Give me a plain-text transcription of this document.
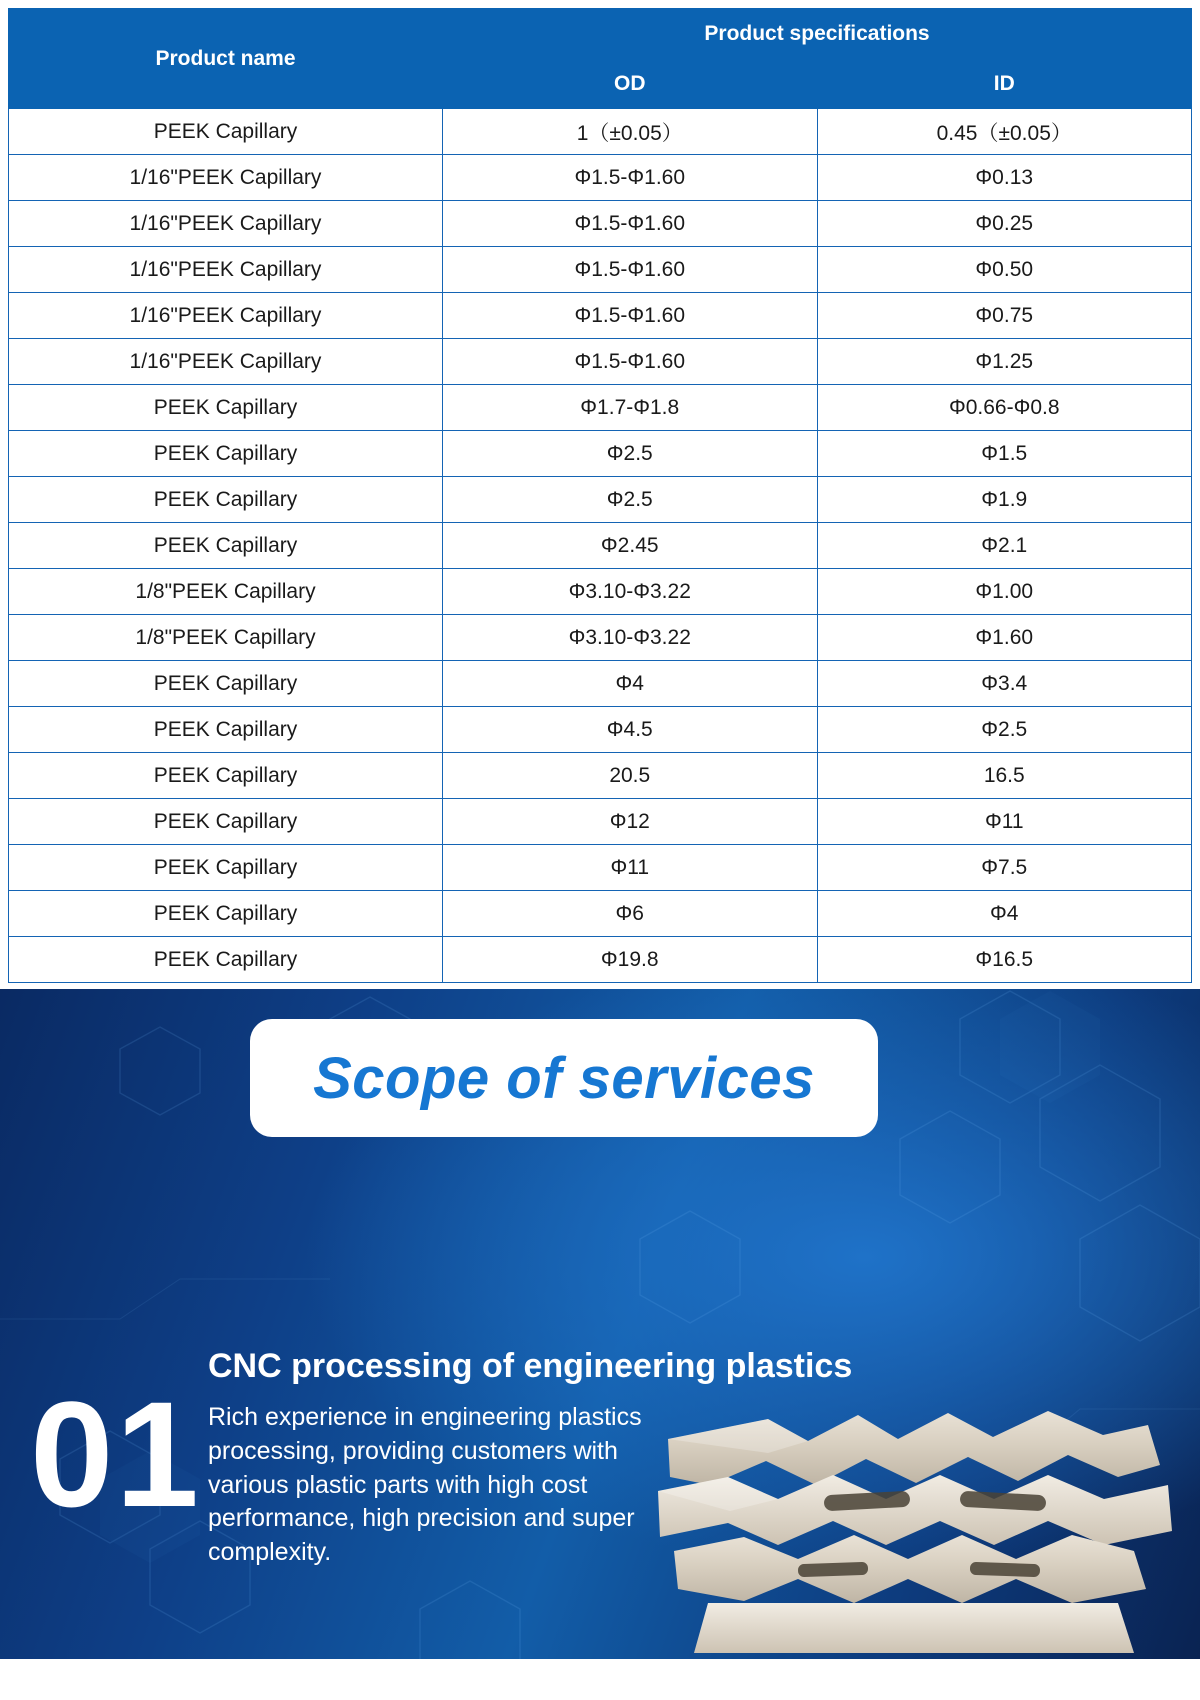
Product name	Product specifications	
	OD	ID
PEEK Capillary	1（±0.05）	0.45（±0.05）
1/16"PEEK Capillary	Φ1.5-Φ1.60	Φ0.13
1/16"PEEK Capillary	Φ1.5-Φ1.60	Φ0.25
1/16"PEEK Capillary	Φ1.5-Φ1.60	Φ0.50
1/16"PEEK Capillary	Φ1.5-Φ1.60	Φ0.75
1/16"PEEK Capillary	Φ1.5-Φ1.60	Φ1.25
PEEK Capillary	Φ1.7-Φ1.8	Φ0.66-Φ0.8
PEEK Capillary	Φ2.5	Φ1.5
PEEK Capillary	Φ2.5	Φ1.9
PEEK Capillary	Φ2.45	Φ2.1
1/8"PEEK Capillary	Φ3.10-Φ3.22	Φ1.00
1/8"PEEK Capillary	Φ3.10-Φ3.22	Φ1.60
PEEK Capillary	Φ4	Φ3.4
PEEK Capillary	Φ4.5	Φ2.5
PEEK Capillary	20.5	16.5
PEEK Capillary	Φ12	Φ11
PEEK Capillary	Φ11	Φ7.5
PEEK Capillary	Φ6	Φ4
PEEK Capillary	Φ19.8	Φ16.5
Scope of services
01
CNC processing of engineering plastics
Rich experience in engineering plastics processing, providing customers with various plastic parts with high cost performance, high precision and super complexity.
